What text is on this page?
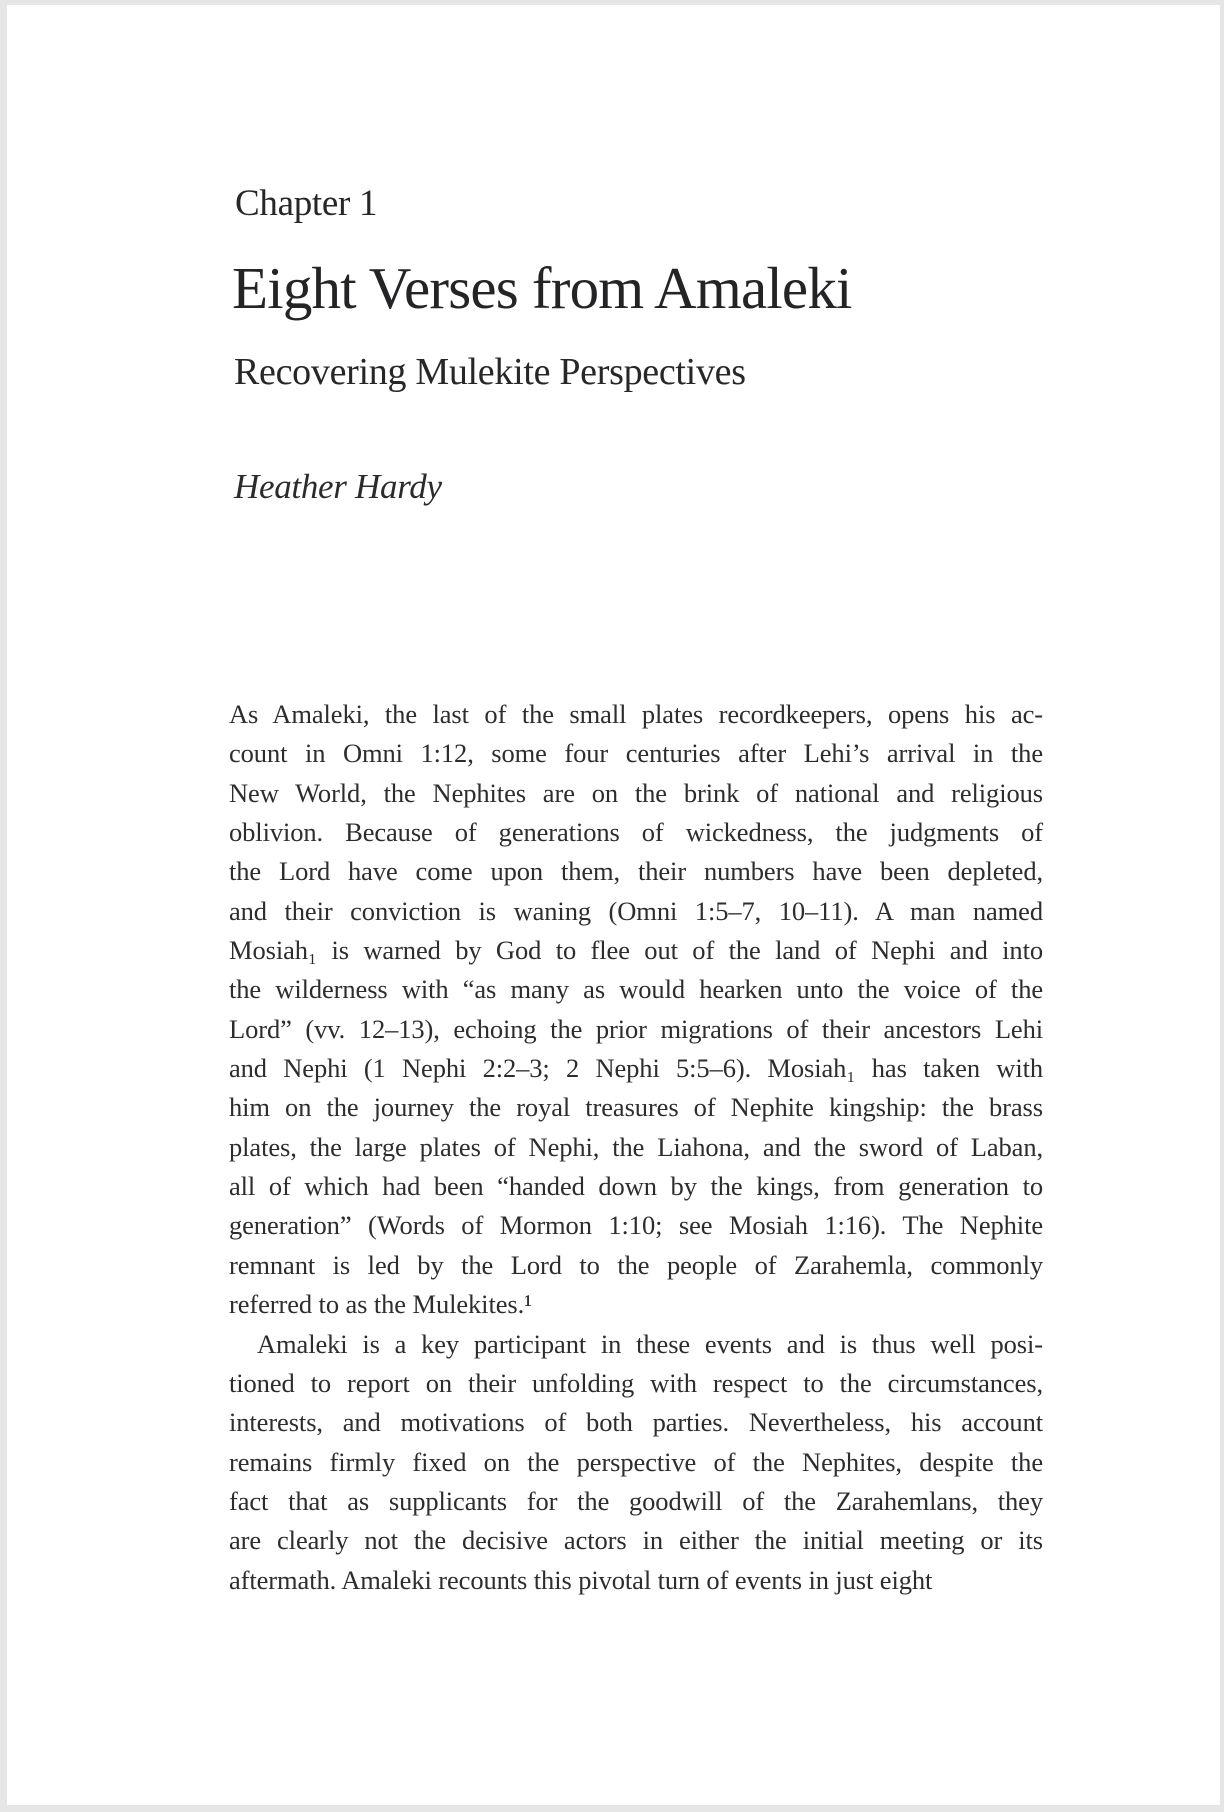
Chapter 1
Eight Verses from Amaleki
Recovering Mulekite Perspectives
Heather Hardy
As Amaleki, the last of the small plates recordkeepers, opens his ac-
count in Omni 1:12, some four centuries after Lehi’s arrival in the
New World, the Nephites are on the brink of national and religious
oblivion. Because of generations of wickedness, the judgments of
the Lord have come upon them, their numbers have been depleted,
and their conviction is waning (Omni 1:5–7, 10–11). A man named
Mosiah₁ is warned by God to flee out of the land of Nephi and into
the wilderness with “as many as would hearken unto the voice of the
Lord” (vv. 12–13), echoing the prior migrations of their ancestors Lehi
and Nephi (1 Nephi 2:2–3; 2 Nephi 5:5–6). Mosiah₁ has taken with
him on the journey the royal treasures of Nephite kingship: the brass
plates, the large plates of Nephi, the Liahona, and the sword of Laban,
all of which had been “handed down by the kings, from generation to
generation” (Words of Mormon 1:10; see Mosiah 1:16). The Nephite
remnant is led by the Lord to the people of Zarahemla, commonly
referred to as the Mulekites.¹
Amaleki is a key participant in these events and is thus well posi-
tioned to report on their unfolding with respect to the circumstances,
interests, and motivations of both parties. Nevertheless, his account
remains firmly fixed on the perspective of the Nephites, despite the
fact that as supplicants for the goodwill of the Zarahemlans, they
are clearly not the decisive actors in either the initial meeting or its
aftermath. Amaleki recounts this pivotal turn of events in just eight
